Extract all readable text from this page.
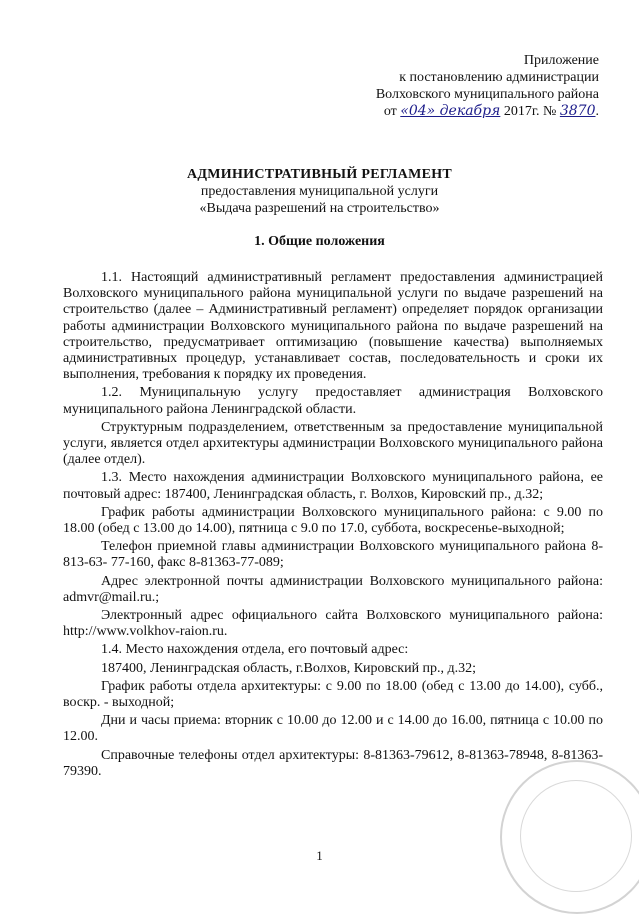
Приложение
к постановлению администрации
Волховского муниципального района
от «04» декабря 2017г. № 3870.
АДМИНИСТРАТИВНЫЙ РЕГЛАМЕНТ
предоставления муниципальной услуги
«Выдача разрешений на строительство»
1. Общие положения

1.1. Настоящий административный регламент предоставления администрацией Волховского муниципального района муниципальной услуги по выдаче разрешений на строительство (далее – Административный регламент) определяет порядок организации работы администрации Волховского муниципального района по выдаче разрешений на строительство, предусматривает оптимизацию (повышение качества) выполняемых административных процедур, устанавливает состав, последовательность и сроки их выполнения, требования к порядку их проведения.

1.2. Муниципальную услугу предоставляет администрация Волховского муниципального района Ленинградской области.

Структурным подразделением, ответственным за предоставление муниципальной услуги, является отдел архитектуры администрации Волховского муниципального района (далее отдел).

1.3. Место нахождения администрации Волховского муниципального района, ее почтовый адрес: 187400, Ленинградская область, г. Волхов, Кировский пр., д.32;

График работы администрации Волховского муниципального района: с 9.00 по 18.00 (обед с 13.00 до 14.00), пятница с 9.0 по 17.0, суббота, воскресенье-выходной;

Телефон приемной главы администрации Волховского муниципального района 8-813-63- 77-160, факс 8-81363-77-089;

Адрес электронной почты администрации Волховского муниципального района: admvr@mail.ru.;

Электронный адрес официального сайта Волховского муниципального района: http://www.volkhov-raion.ru.

1.4. Место нахождения отдела, его почтовый адрес:

187400, Ленинградская область, г.Волхов, Кировский пр., д.32;

График работы отдела архитектуры: с 9.00 по 18.00 (обед с 13.00 до 14.00), субб., воскр. - выходной;

Дни и часы приема: вторник с 10.00 до 12.00 и с 14.00 до 16.00, пятница с 10.00 по 12.00.

Справочные телефоны отдел архитектуры: 8-81363-79612, 8-81363-78948, 8-81363-79390.

1
